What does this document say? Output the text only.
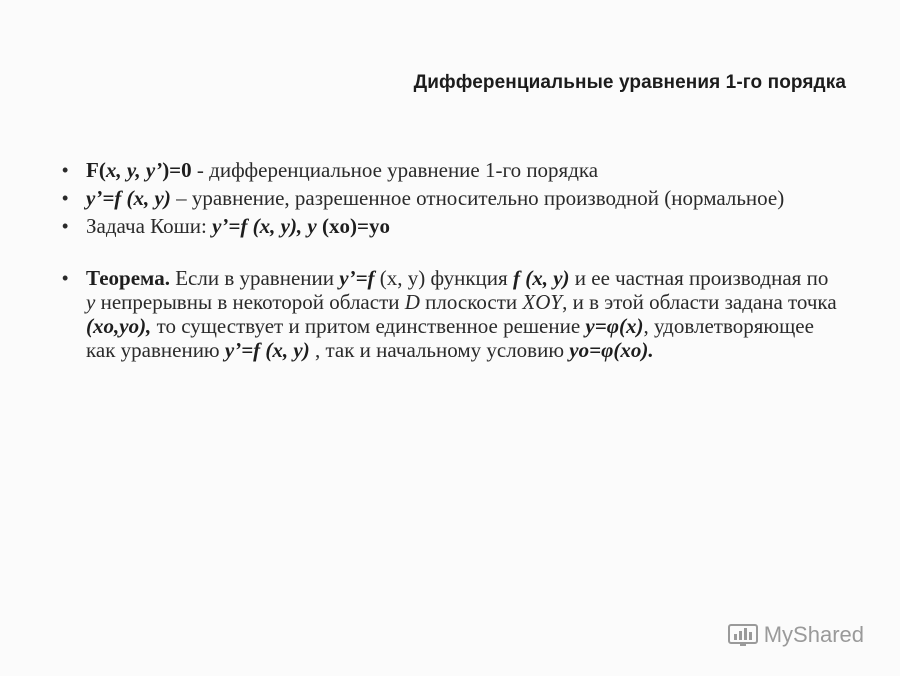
Дифференциальные уравнения 1-го порядка

• F(x, y, y’)=0 - дифференциальное уравнение 1-го порядка

• y’=f (x, y) – уравнение, разрешенное относительно производной (нормальное)

• Задача Коши: y’=f (x, y), y (xo)=yo

• Теорема. Если в уравнении y’=f (x, y) функция f (x, y) и ее частная производная по y непрерывны в некоторой области D плоскости XOY, и в этой области задана точка (xo,yo), то существует и притом единственное решение y=φ(x), удовлетворяющее как уравнению y’=f (x, y) , так и начальному условию yo=φ(xo).

MyShared
